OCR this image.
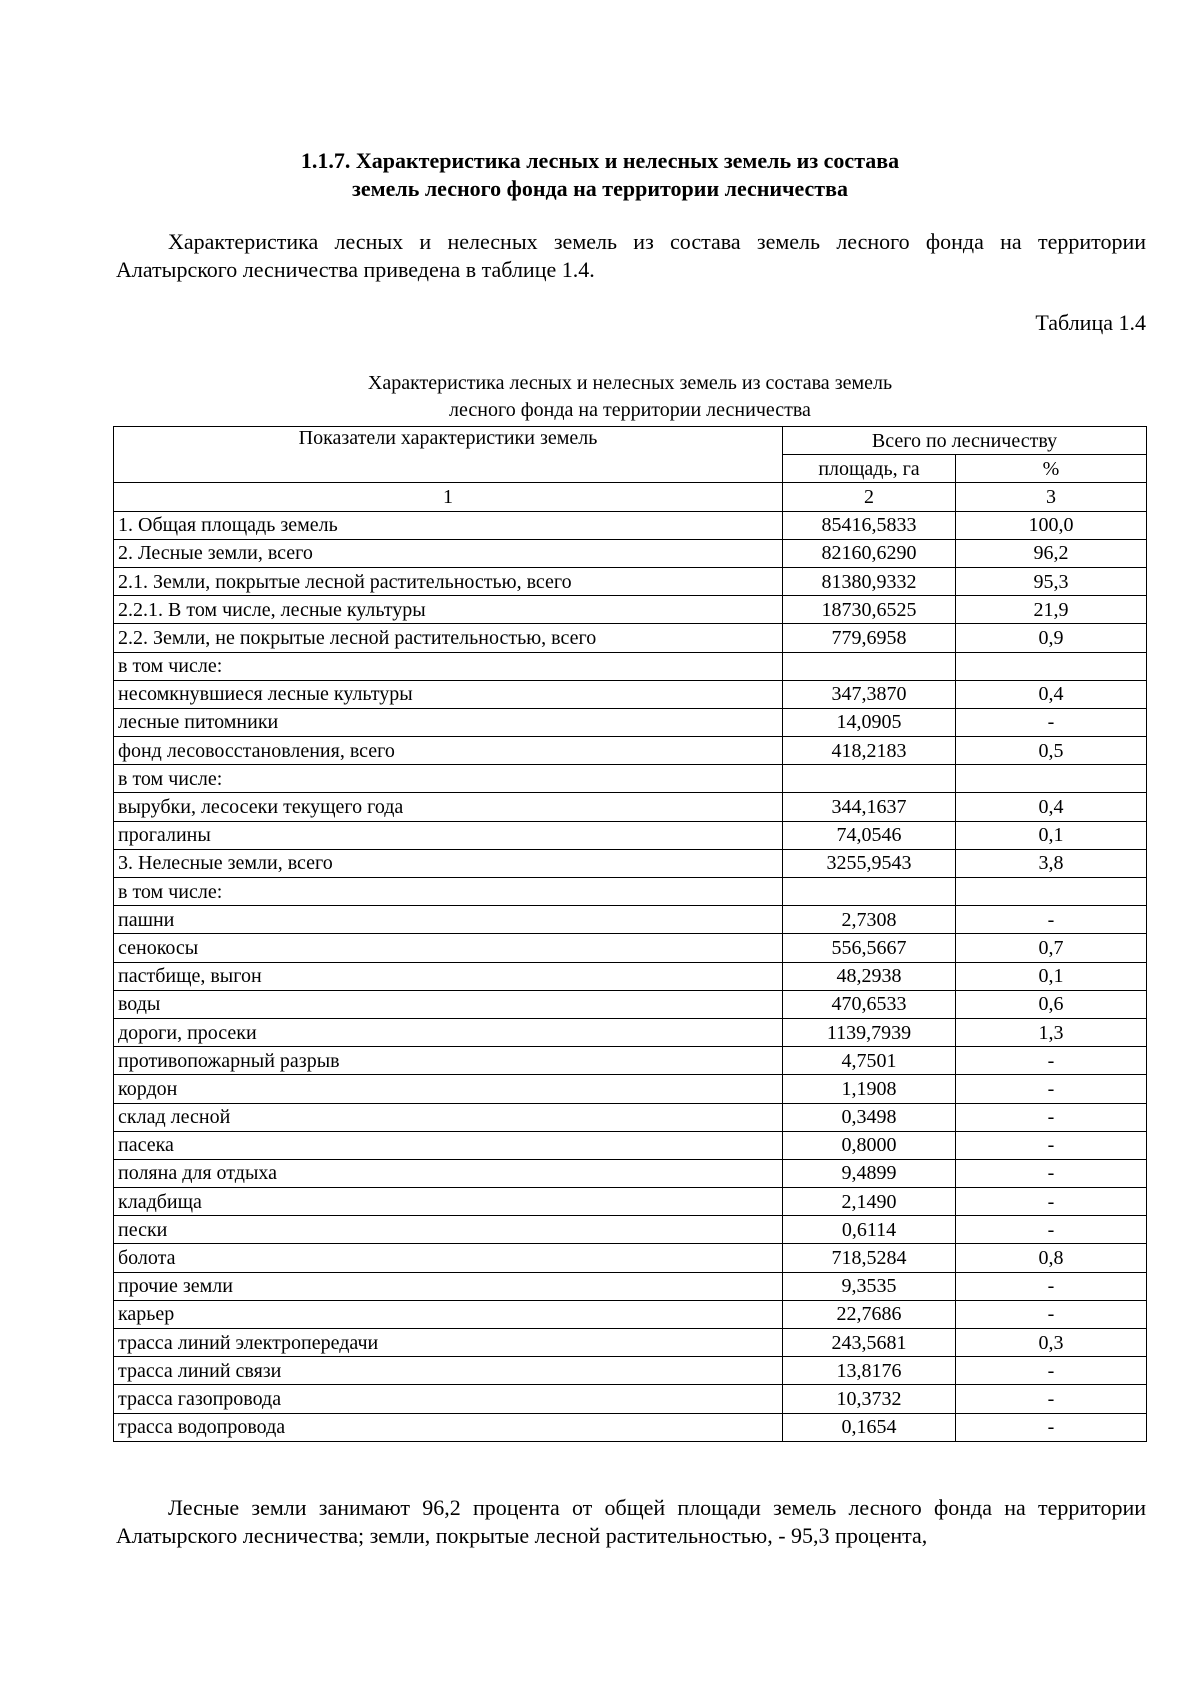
1.1.7. Характеристика лесных и нелесных земель из состава
земель лесного фонда на территории лесничества
Характеристика лесных и нелесных земель из состава земель лесного фонда на территории Алатырского лесничества приведена в таблице 1.4.
Таблица 1.4
Характеристика лесных и нелесных земель из состава земель
лесного фонда на территории лесничества
Показатели характеристики земель	Всего по лесничеству	
	площадь, га	%
1	2	3
1. Общая площадь земель	85416,5833	100,0
2. Лесные земли, всего	82160,6290	96,2
2.1. Земли, покрытые лесной растительностью, всего	81380,9332	95,3
2.2.1. В том числе, лесные культуры	18730,6525	21,9
2.2. Земли, не покрытые лесной растительностью, всего	779,6958	0,9
в том числе:		
несомкнувшиеся лесные культуры	347,3870	0,4
лесные питомники	14,0905	-
фонд лесовосстановления, всего	418,2183	0,5
в том числе:		
вырубки, лесосеки текущего года	344,1637	0,4
прогалины	74,0546	0,1
3. Нелесные земли, всего	3255,9543	3,8
в том числе:		
пашни	2,7308	-
сенокосы	556,5667	0,7
пастбище, выгон	48,2938	0,1
воды	470,6533	0,6
дороги, просеки	1139,7939	1,3
противопожарный разрыв	4,7501	-
кордон	1,1908	-
склад лесной	0,3498	-
пасека	0,8000	-
поляна для отдыха	9,4899	-
кладбища	2,1490	-
пески	0,6114	-
болота	718,5284	0,8
прочие земли	9,3535	-
карьер	22,7686	-
трасса линий электропередачи	243,5681	0,3
трасса линий связи	13,8176	-
трасса газопровода	10,3732	-
трасса водопровода	0,1654	-
Лесные земли занимают 96,2 процента от общей площади земель лесного фонда на территории Алатырского лесничества; земли, покрытые лесной растительностью, - 95,3 процента,
